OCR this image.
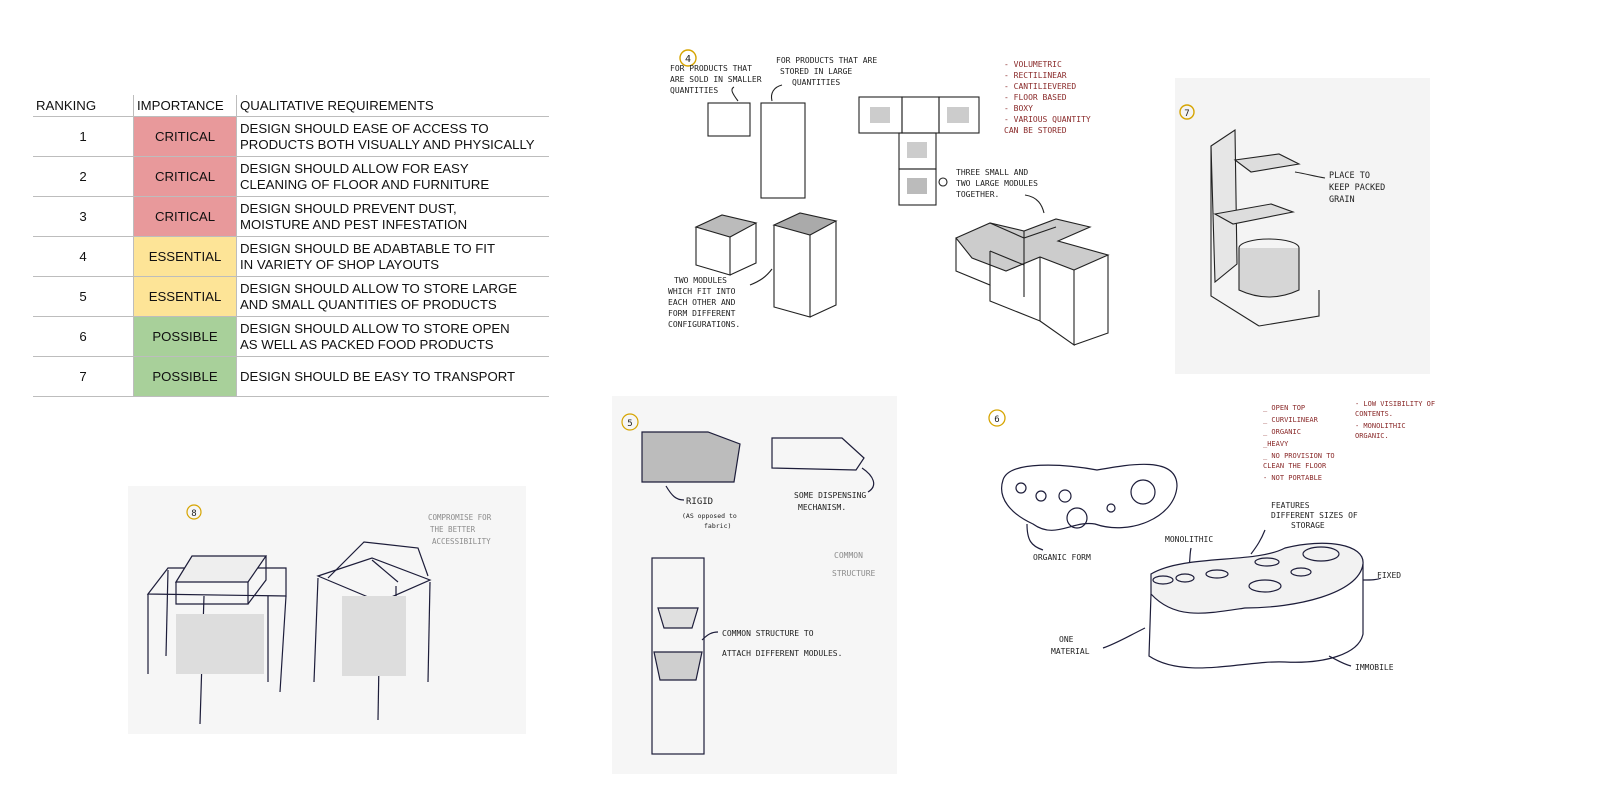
RANKING	IMPORTANCE	QUALITATIVE REQUIREMENTS
1	CRITICAL	DESIGN SHOULD EASE OF ACCESS TO
PRODUCTS BOTH VISUALLY AND PHYSICALLY

2	CRITICAL	DESIGN SHOULD ALLOW FOR EASY
CLEANING OF FLOOR AND FURNITURE

3	CRITICAL	DESIGN SHOULD PREVENT DUST,
MOISTURE AND PEST INFESTATION

4	ESSENTIAL	DESIGN SHOULD BE ADABTABLE TO FIT
IN VARIETY OF SHOP LAYOUTS

5	ESSENTIAL	DESIGN SHOULD ALLOW TO STORE LARGE
AND SMALL QUANTITIES OF PRODUCTS

6	POSSIBLE	DESIGN SHOULD ALLOW TO STORE OPEN
AS WELL AS PACKED FOOD PRODUCTS

7	POSSIBLE	DESIGN SHOULD BE EASY TO TRANSPORT
4
FOR PRODUCTS THAT
ARE SOLD IN SMALLER
QUANTITIES
FOR PRODUCTS THAT ARE
STORED IN LARGE
QUANTITIES
- VOLUMETRIC
- RECTILINEAR
- CANTILIEVERED
- FLOOR BASED
- BOXY
- VARIOUS QUANTITY
CAN BE STORED
THREE SMALL AND
TWO LARGE MODULES
TOGETHER.
TWO MODULES
WHICH FIT INTO
EACH OTHER AND
FORM DIFFERENT
CONFIGURATIONS.
7
PLACE TO
KEEP PACKED
GRAIN
8	COMPROMISE FOR
THE BETTER
ACCESSIBILITY
5
RIGID
(AS opposed to
fabric)
SOME DISPENSING
MECHANISM.
COMMON
STRUCTURE
COMMON STRUCTURE TO
ATTACH DIFFERENT MODULES.
6
_ OPEN TOP
_ CURVILINEAR
_ ORGANIC
_HEAVY
_ NO PROVISION TO
CLEAN THE FLOOR
- NOT PORTABLE
- LOW VISIBILITY OF
CONTENTS.
- MONOLITHIC
ORGANIC.
ORGANIC FORM
MONOLITHIC
FEATURES
DIFFERENT SIZES OF
STORAGE
FIXED
ONE
MATERIAL
IMMOBILE
